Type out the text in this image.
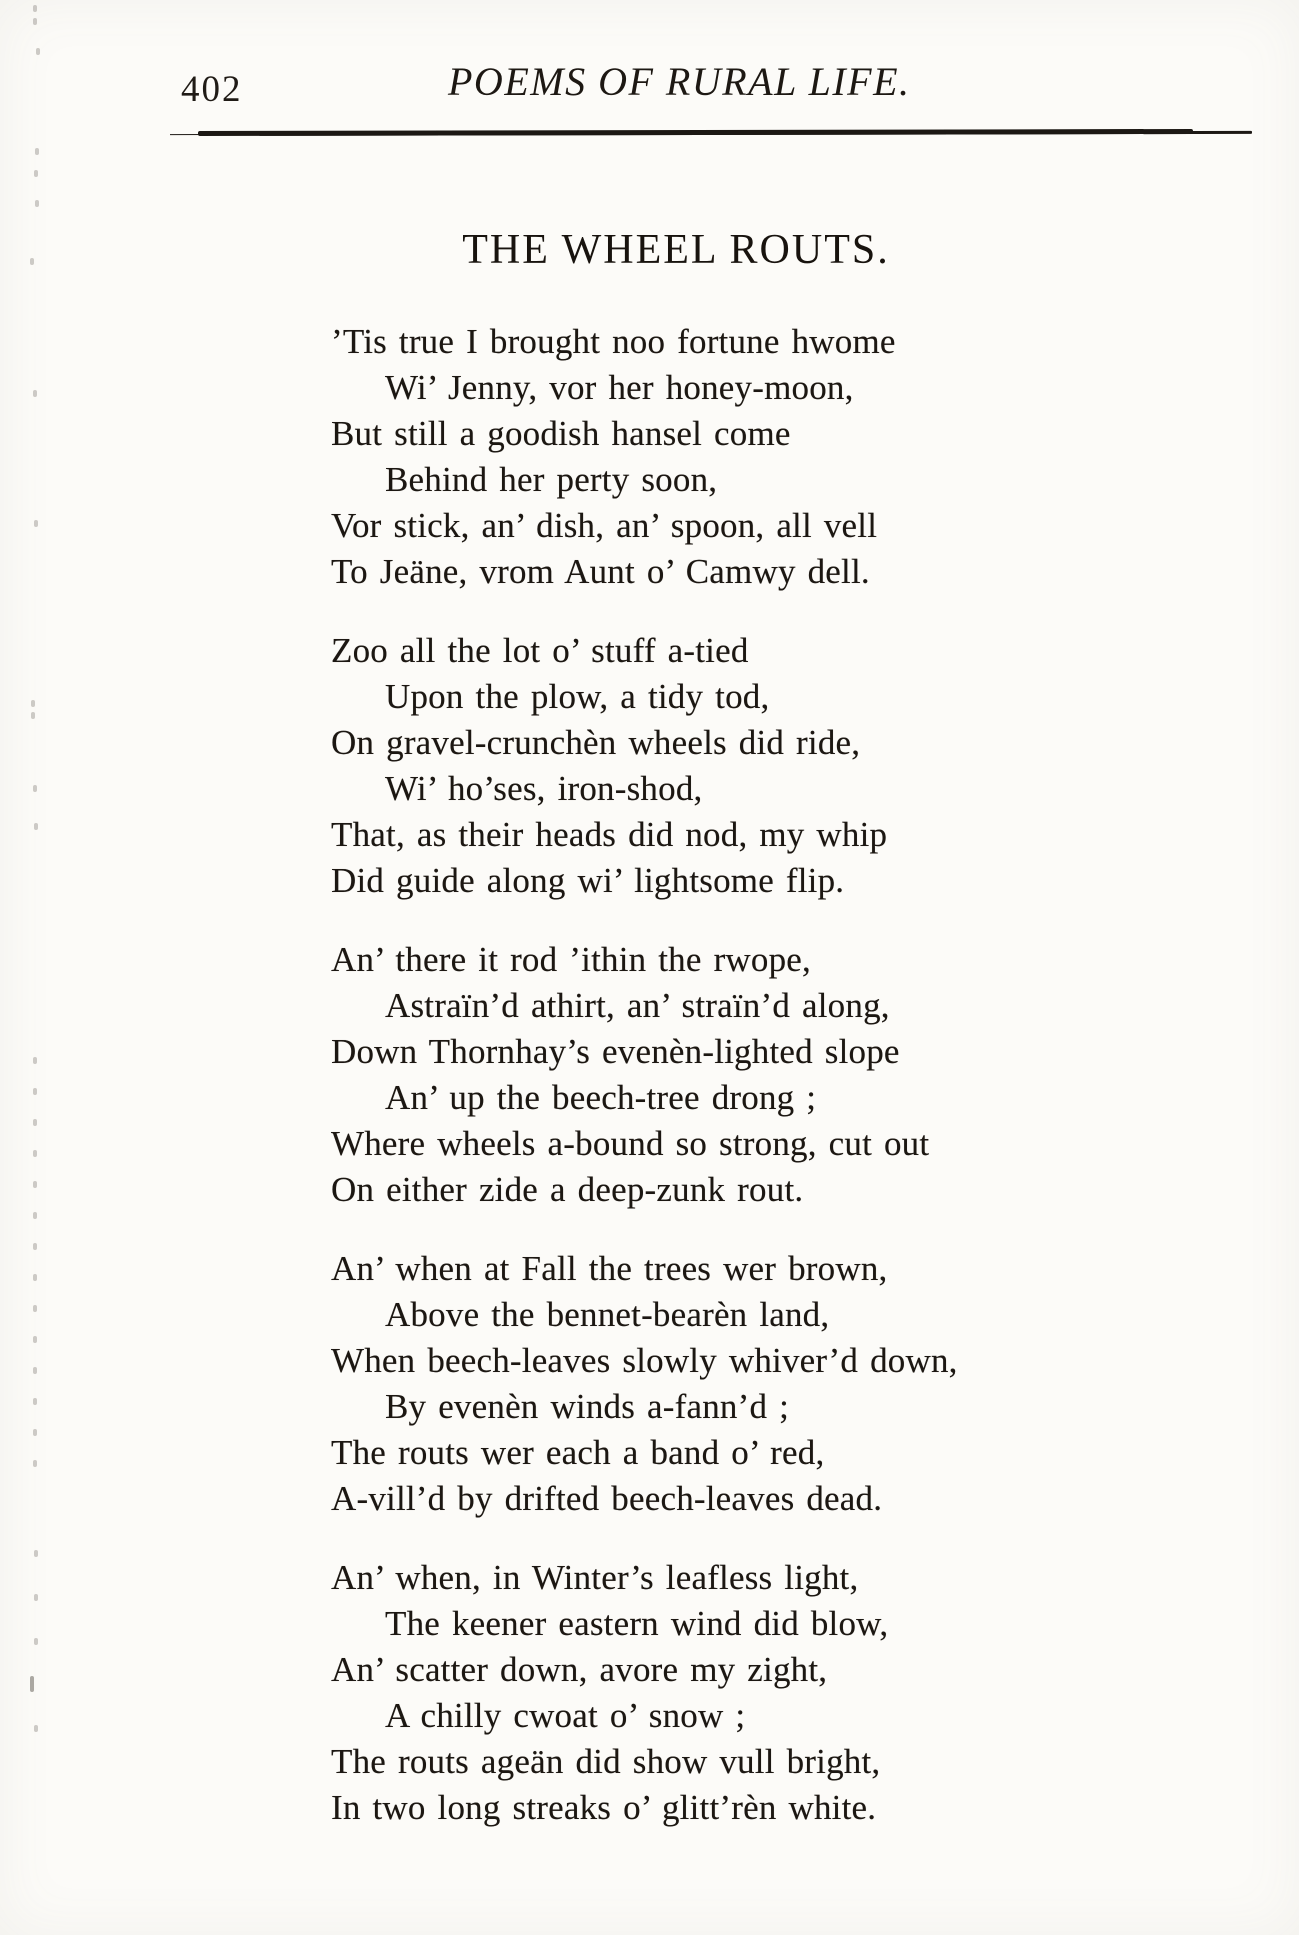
402	POEMS OF RURAL LIFE.
THE WHEEL ROUTS.

’Tis true I brought noo fortune hwome

Wi’ Jenny, vor her honey-moon,

But still a goodish hansel come

Behind her perty soon,

Vor stick, an’ dish, an’ spoon, all vell

To Jeäne, vrom Aunt o’ Camwy dell.

Zoo all the lot o’ stuff a-tied

Upon the plow, a tidy tod,

On gravel-crunchèn wheels did ride,

Wi’ ho’ses, iron-shod,

That, as their heads did nod, my whip

Did guide along wi’ lightsome flip.

An’ there it rod ’ithin the rwope,

Astraïn’d athirt, an’ straïn’d along,

Down Thornhay’s evenèn-lighted slope

An’ up the beech-tree drong ;

Where wheels a-bound so strong, cut out

On either zide a deep-zunk rout.

An’ when at Fall the trees wer brown,

Above the bennet-bearèn land,

When beech-leaves slowly whiver’d down,

By evenèn winds a-fann’d ;

The routs wer each a band o’ red,

A-vill’d by drifted beech-leaves dead.

An’ when, in Winter’s leafless light,

The keener eastern wind did blow,

An’ scatter down, avore my zight,

A chilly cwoat o’ snow ;

The routs ageän did show vull bright,

In two long streaks o’ glitt’rèn white.
